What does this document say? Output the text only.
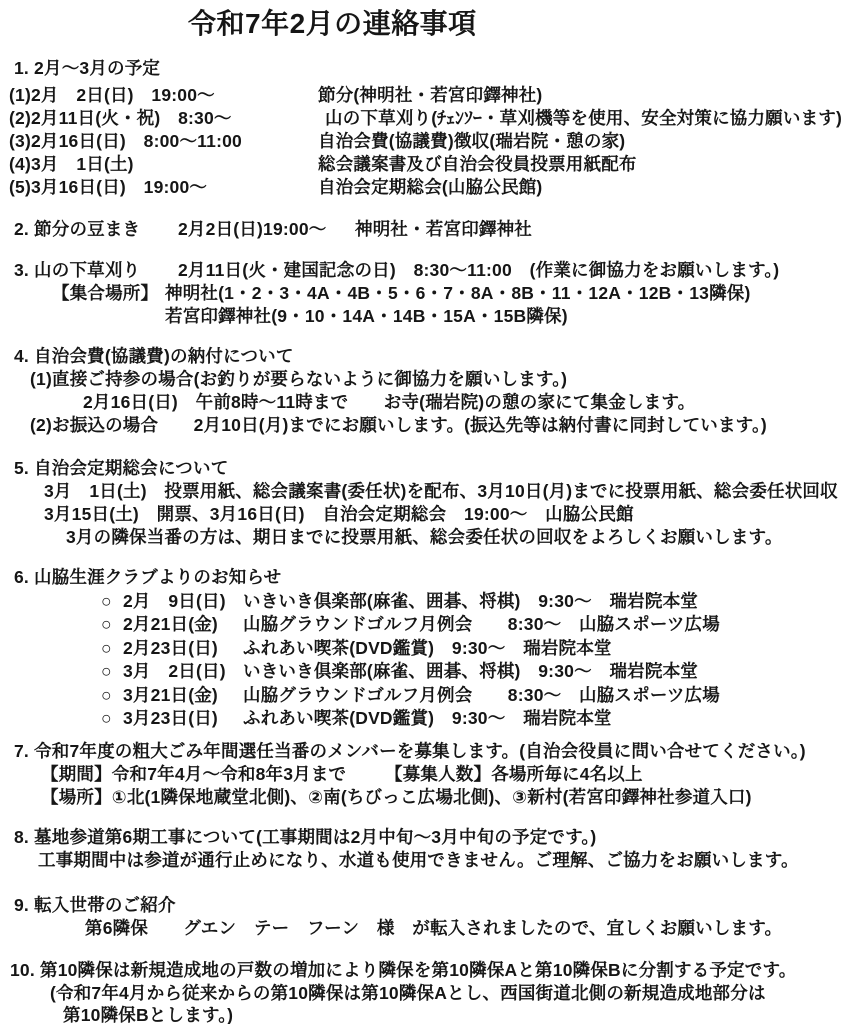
令和7年2月の連絡事項
1. 2月～3月の予定
(1)2月　2日(日)　19:00～	節分(神明社・若宮印鐸神社)
(2)2月11日(火・祝)　8:30～	山の下草刈り(ﾁｪﾝｿｰ・草刈機等を使用、安全対策に協力願います)
(3)2月16日(日)　8:00～11:00	自治会費(協議費)徴収(瑞岩院・憩の家)
(4)3月　1日(土)	総会議案書及び自治会役員投票用紙配布
(5)3月16日(日)　19:00～	自治会定期総会(山脇公民館)
2. 節分の豆まき 2月2日(日)19:00～ 神明社・若宮印鐸神社
3. 山の下草刈り 2月11日(火・建国記念の日)　8:30～11:00　(作業に御協力をお願いします。)
【集合場所】 神明社(1・2・3・4A・4B・5・6・7・8A・8B・11・12A・12B・13隣保)
若宮印鐸神社(9・10・14A・14B・15A・15B隣保)
4. 自治会費(協議費)の納付について
(1)直接ご持参の場合(お釣りが要らないように御協力を願いします。)
2月16日(日)　午前8時～11時まで　　お寺(瑞岩院)の憩の家にて集金します。
(2)お振込の場合　　2月10日(月)までにお願いします。(振込先等は納付書に同封しています。)
5. 自治会定期総会について
3月　1日(土)　投票用紙、総会議案書(委任状)を配布、3月10日(月)までに投票用紙、総会委任状回収
3月15日(土)　開票、3月16日(日)　自治会定期総会　19:00～　山脇公民館
3月の隣保当番の方は、期日までに投票用紙、総会委任状の回収をよろしくお願いします。
6. 山脇生涯クラブよりのお知らせ
○ 2月　9日(日) いきいき倶楽部(麻雀、囲碁、将棋)　9:30～　瑞岩院本堂
○ 2月21日(金) 山脇グラウンドゴルフ月例会　　8:30～　山脇スポーツ広場
○ 2月23日(日) ふれあい喫茶(DVD鑑賞)　9:30～　瑞岩院本堂
○ 3月　2日(日) いきいき倶楽部(麻雀、囲碁、将棋)　9:30～　瑞岩院本堂
○ 3月21日(金) 山脇グラウンドゴルフ月例会　　8:30～　山脇スポーツ広場
○ 3月23日(日) ふれあい喫茶(DVD鑑賞)　9:30～　瑞岩院本堂
7. 令和7年度の粗大ごみ年間選任当番のメンバーを募集します。(自治会役員に問い合せてください。)
【期間】令和7年4月～令和8年3月まで 【募集人数】各場所毎に4名以上
【場所】①北(1隣保地蔵堂北側)、②南(ちびっこ広場北側)、③新村(若宮印鐸神社参道入口)
8. 墓地参道第6期工事について(工事期間は2月中旬～3月中旬の予定です。)
工事期間中は参道が通行止めになり、水道も使用できません。ご理解、ご協力をお願いします。
9. 転入世帯のご紹介
第6隣保　　グエン　テー　フーン　様　が転入されましたので、宜しくお願いします。
10. 第10隣保は新規造成地の戸数の増加により隣保を第10隣保Aと第10隣保Bに分割する予定です。
(令和7年4月から従来からの第10隣保は第10隣保Aとし、西国街道北側の新規造成地部分は
第10隣保Bとします。)
